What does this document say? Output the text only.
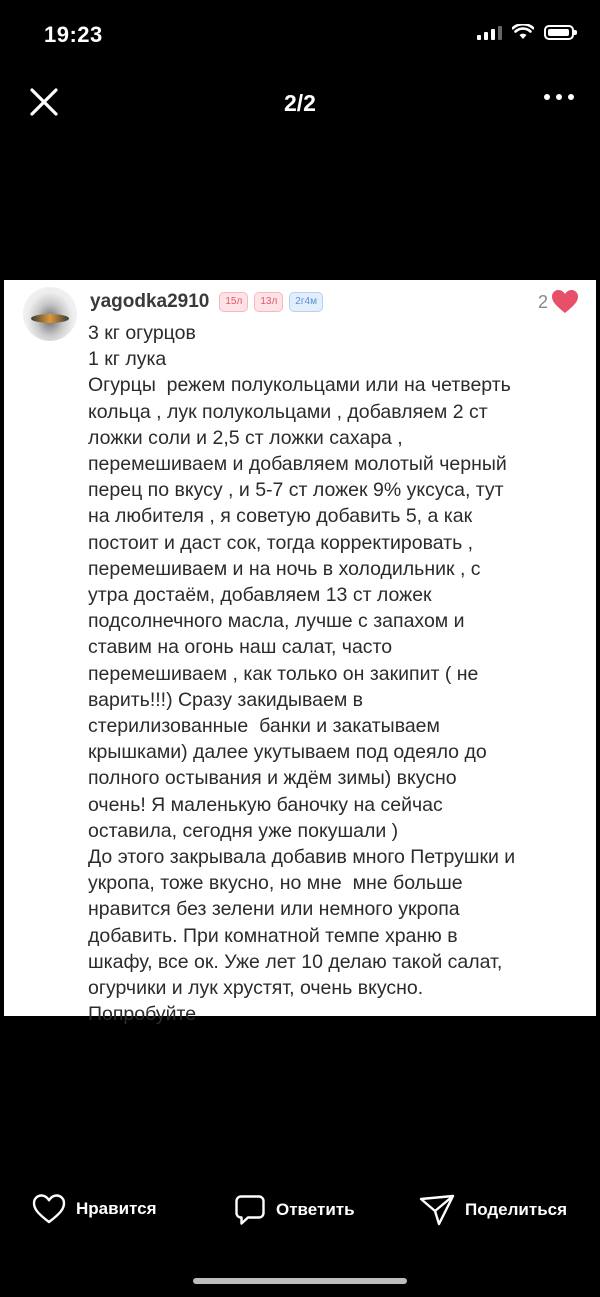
19:23
2/2
yagodka2910	15л	13л	2г4м	2

3 кг огурцов
1 кг лука
Огурцы  режем полукольцами или на четверть
кольца , лук полукольцами , добавляем 2 ст
ложки соли и 2,5 ст ложки сахара ,
перемешиваем и добавляем молотый черный
перец по вкусу , и 5-7 ст ложек 9% уксуса, тут
на любителя , я советую добавить 5, а как
постоит и даст сок, тогда корректировать ,
перемешиваем и на ночь в холодильник , с
утра достаём, добавляем 13 ст ложек
подсолнечного масла, лучше с запахом и
ставим на огонь наш салат, часто
перемешиваем , как только он закипит ( не
варить!!!) Сразу закидываем в
стерилизованные  банки и закатываем
крышками) далее укутываем под одеяло до
полного остывания и ждём зимы) вкусно
очень! Я маленькую баночку на сейчас
оставила, сегодня уже покушали )
До этого закрывала добавив много Петрушки и
укропа, тоже вкусно, но мне  мне больше
нравится без зелени или немного укропа
добавить. При комнатной темпе храню в
шкафу, все ок. Уже лет 10 делаю такой салат,
огурчики и лук хрустят, очень вкусно.
Попробуйте

Нравится	Ответить	Поделиться
